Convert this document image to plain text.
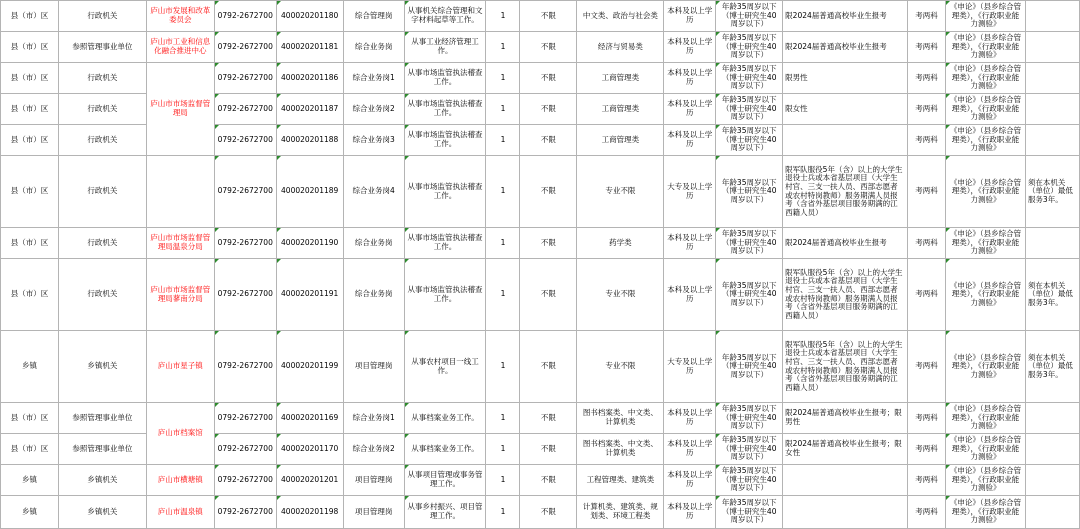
县（市）区	行政机关	庐山市发展和改革委员会	0792-2672700	400020201180	综合管理岗	从事机关综合管理和文字材料起草等工作。	1	不限	中文类、政治与社会类	本科及以上学历	年龄35周岁以下（博士研究生40周岁以下）	限2024届普通高校毕业生报考	考两科	《申论》（县乡综合管理类），《行政职业能力测验》	
县（市）区	参照管理事业单位	庐山市工业和信息化融合推进中心	0792-2672700	400020201181	综合业务岗	从事工业经济管理工作。	1	不限	经济与贸易类	本科及以上学历	年龄35周岁以下（博士研究生40周岁以下）	限2024届普通高校毕业生报考	考两科	《申论》（县乡综合管理类），《行政职业能力测验》	
县（市）区	行政机关	庐山市市场监督管理局	0792-2672700	400020201186	综合业务岗1	从事市场监管执法稽查工作。	1	不限	工商管理类	本科及以上学历	年龄35周岁以下（博士研究生40周岁以下）	限男性	考两科	《申论》（县乡综合管理类），《行政职业能力测验》	
县（市）区	行政机关		0792-2672700	400020201187	综合业务岗2	从事市场监管执法稽查工作。	1	不限	工商管理类	本科及以上学历	年龄35周岁以下（博士研究生40周岁以下）	限女性	考两科	《申论》（县乡综合管理类），《行政职业能力测验》	
县（市）区	行政机关		0792-2672700	400020201188	综合业务岗3	从事市场监管执法稽查工作。	1	不限	工商管理类	本科及以上学历	年龄35周岁以下（博士研究生40周岁以下）		考两科	《申论》（县乡综合管理类），《行政职业能力测验》	
县（市）区	行政机关		0792-2672700	400020201189	综合业务岗4	从事市场监管执法稽查工作。	1	不限	专业不限	大专及以上学历	年龄35周岁以下（博士研究生40周岁以下）	限军队服役5年（含）以上的大学生退役士兵或本省基层项目（大学生村官、三支一扶人员、西部志愿者或农村特岗教师）服务期满人员报考（含省外基层项目服务期满的江西籍人员）	考两科	《申论》（县乡综合管理类），《行政职业能力测验》	须在本机关（单位）最低服务3年。
县（市）区	行政机关	庐山市市场监督管理局温泉分局	0792-2672700	400020201190	综合业务岗	从事市场监管执法稽查工作。	1	不限	药学类	本科及以上学历	年龄35周岁以下（博士研究生40周岁以下）	限2024届普通高校毕业生报考	考两科	《申论》（县乡综合管理类），《行政职业能力测验》	
县（市）区	行政机关	庐山市市场监督管理局蓼南分局	0792-2672700	400020201191	综合业务岗	从事市场监管执法稽查工作。	1	不限	专业不限	本科及以上学历	年龄35周岁以下（博士研究生40周岁以下）	限军队服役5年（含）以上的大学生退役士兵或本省基层项目（大学生村官、三支一扶人员、西部志愿者或农村特岗教师）服务期满人员报考（含省外基层项目服务期满的江西籍人员）	考两科	《申论》（县乡综合管理类），《行政职业能力测验》	须在本机关（单位）最低服务3年。
乡镇	乡镇机关	庐山市星子镇	0792-2672700	400020201199	项目管理岗	从事农村项目一线工作。	1	不限	专业不限	大专及以上学历	年龄35周岁以下（博士研究生40周岁以下）	限军队服役5年（含）以上的大学生退役士兵或本省基层项目（大学生村官、三支一扶人员、西部志愿者或农村特岗教师）服务期满人员报考（含省外基层项目服务期满的江西籍人员）	考两科	《申论》（县乡综合管理类），《行政职业能力测验》	须在本机关（单位）最低服务3年。
县（市）区	参照管理事业单位	庐山市档案馆	0792-2672700	400020201169	综合业务岗1	从事档案业务工作。	1	不限	图书档案类、中文类、计算机类	本科及以上学历	年龄35周岁以下（博士研究生40周岁以下）	限2024届普通高校毕业生报考；限男性	考两科	《申论》（县乡综合管理类），《行政职业能力测验》	
县（市）区	参照管理事业单位		0792-2672700	400020201170	综合业务岗2	从事档案业务工作。	1	不限	图书档案类、中文类、计算机类	本科及以上学历	年龄35周岁以下（博士研究生40周岁以下）	限2024届普通高校毕业生报考；限女性	考两科	《申论》（县乡综合管理类），《行政职业能力测验》	
乡镇	乡镇机关	庐山市横塘镇	0792-2672700	400020201201	项目管理岗	从事项目管理或事务管理工作。	1	不限	工程管理类、建筑类	本科及以上学历	年龄35周岁以下（博士研究生40周岁以下）		考两科	《申论》（县乡综合管理类），《行政职业能力测验》	
乡镇	乡镇机关	庐山市温泉镇	0792-2672700	400020201198	项目管理岗	从事乡村振兴、项目管理工作。	1	不限	计算机类、建筑类、规划类、环境工程类	本科及以上学历	年龄35周岁以下（博士研究生40周岁以下）		考两科	《申论》（县乡综合管理类），《行政职业能力测验》	
